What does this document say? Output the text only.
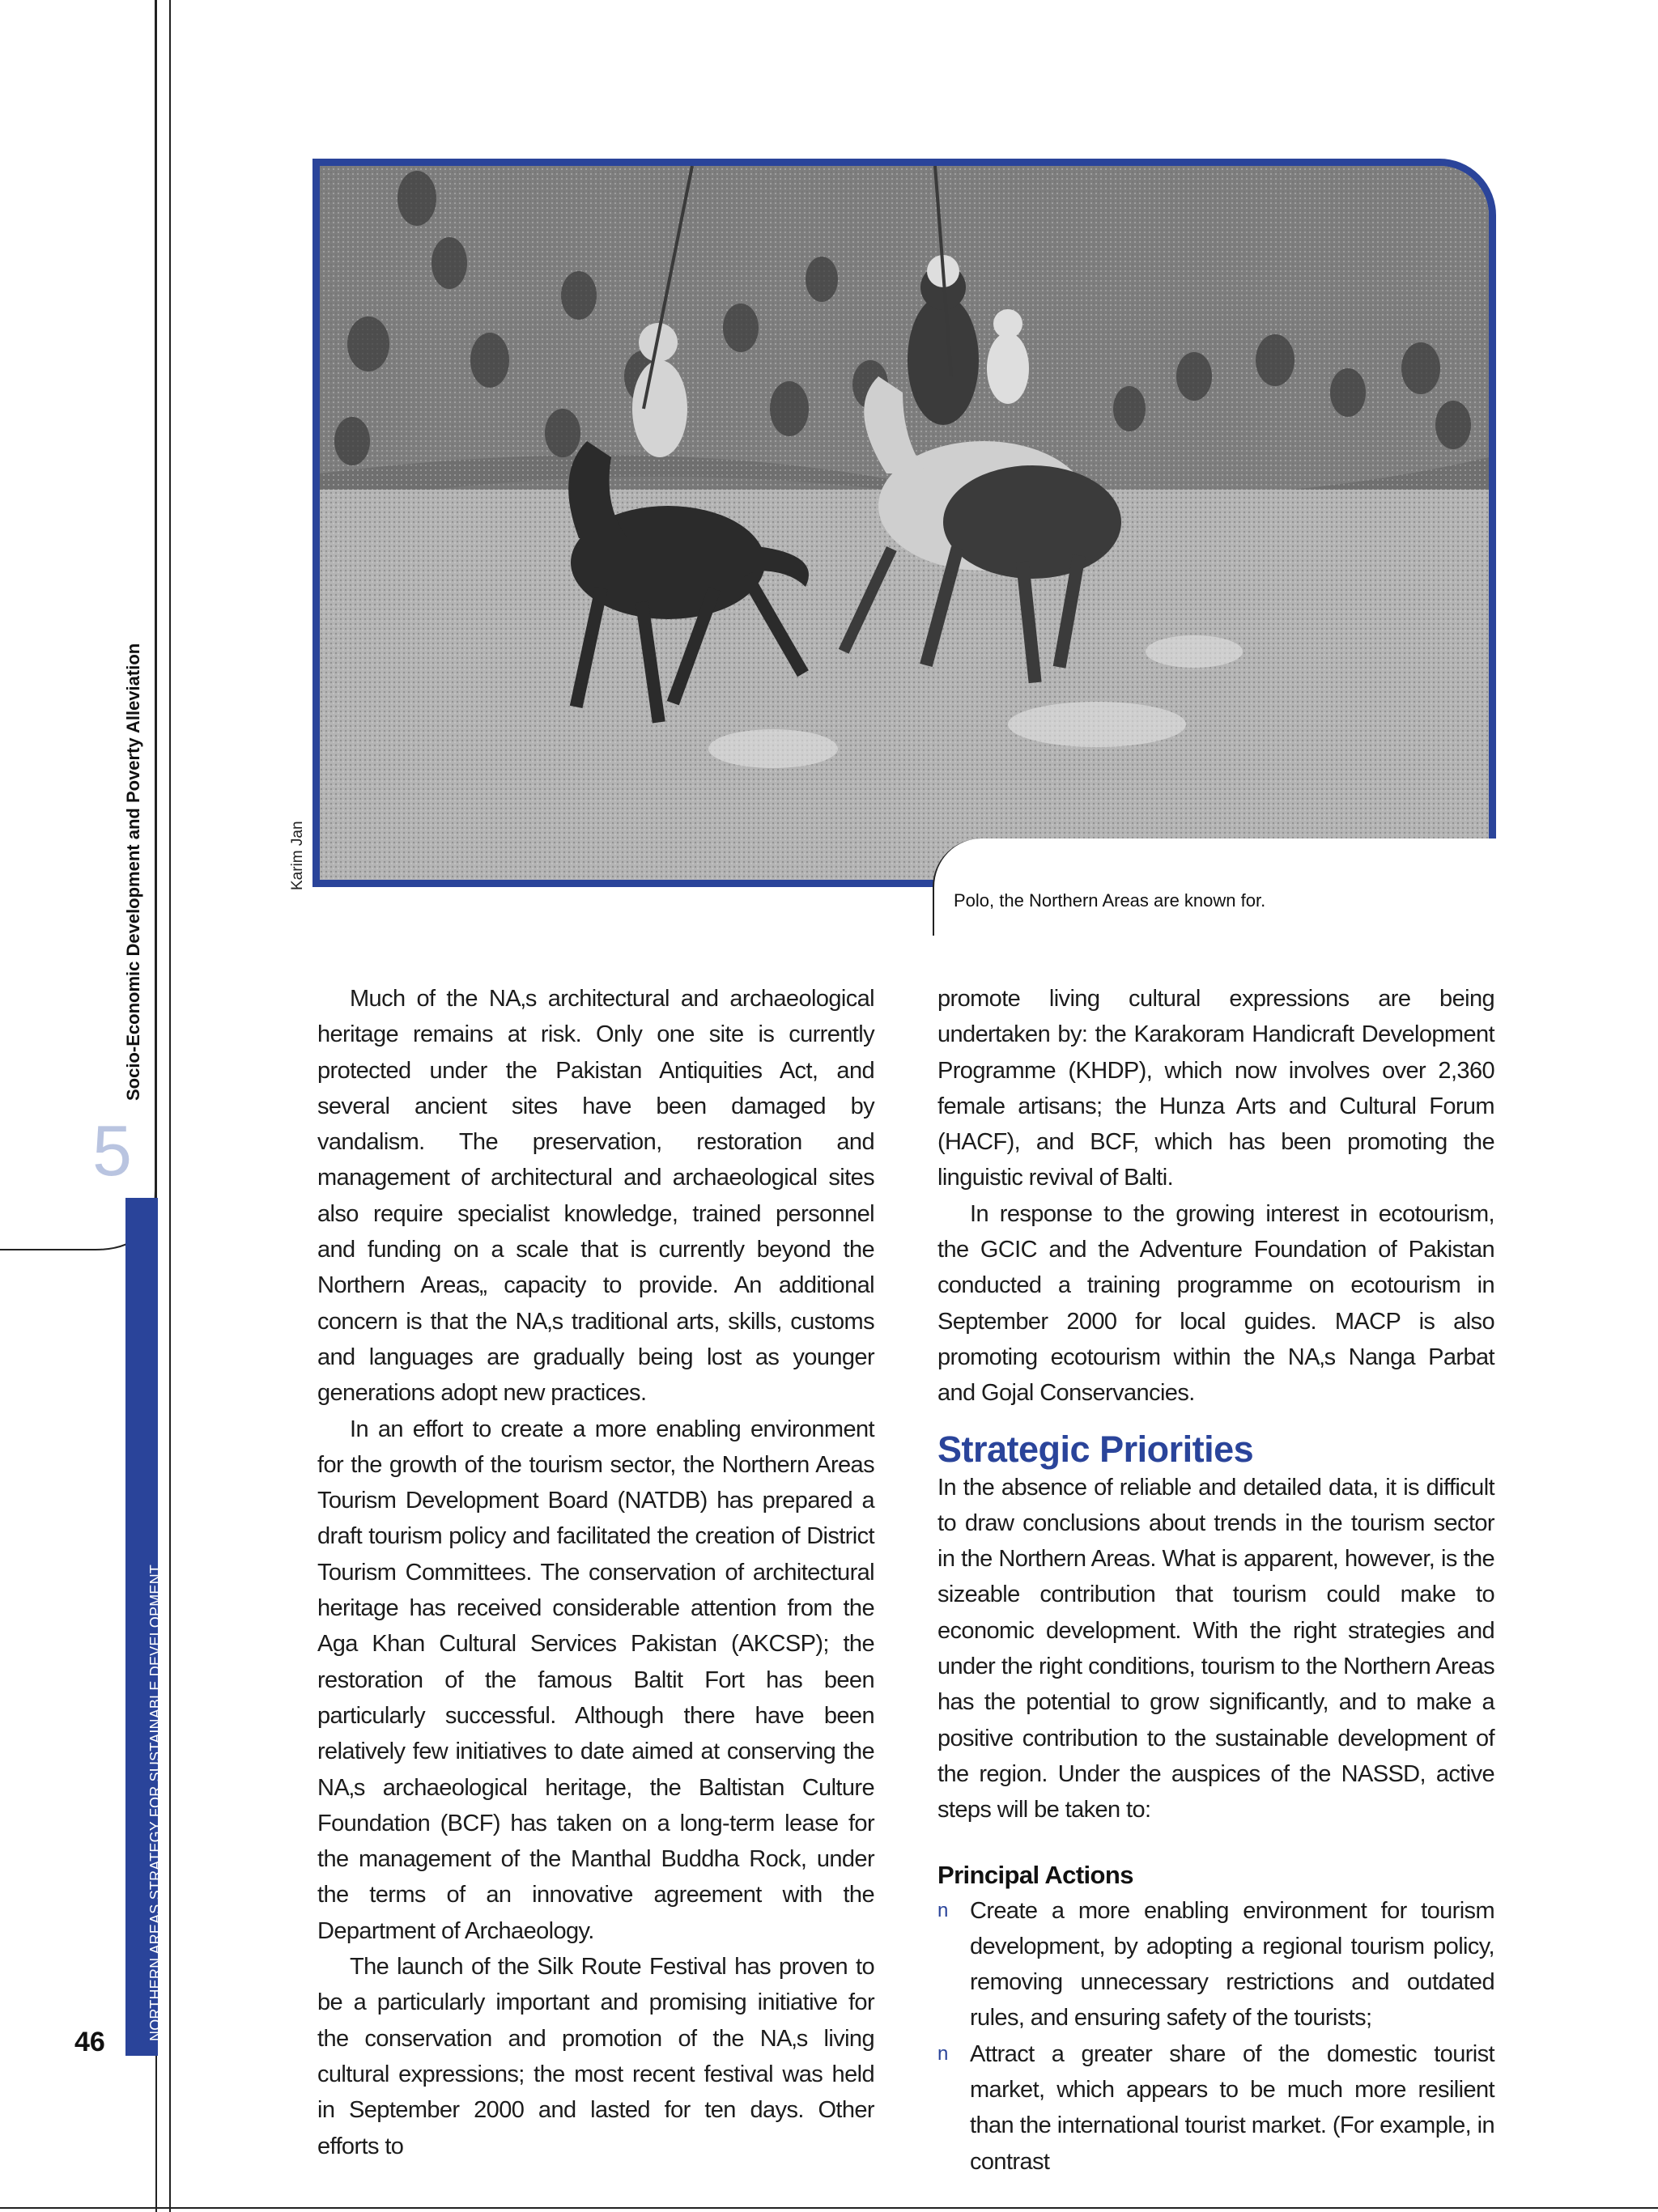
NORTHERN AREAS STRATEGY FOR SUSTAINABLE DEVELOPMENT
Socio-Economic Development and Poverty Alleviation
5
46
Karim Jan
Polo, the Northern Areas are known for.

Much of the NA‚s architectural and archaeological heritage remains at risk. Only one site is currently protected under the Pakistan Antiquities Act, and several ancient sites have been damaged by vandalism. The preservation, restoration and management of architectural and archaeological sites also require specialist knowledge, trained personnel and funding on a scale that is currently beyond the Northern Areas„ capacity to provide. An additional concern is that the NA‚s traditional arts, skills, customs and languages are gradually being lost as younger generations adopt new practices.

In an effort to create a more enabling environment for the growth of the tourism sector, the Northern Areas Tourism Development Board (NATDB) has prepared a draft tourism policy and facilitated the creation of District Tourism Committees. The conservation of architectural heritage has received considerable attention from the Aga Khan Cultural Services Pakistan (AKCSP); the restoration of the famous Baltit Fort has been particularly successful. Although there have been relatively few initiatives to date aimed at conserving the NA‚s archaeological heritage, the Baltistan Culture Foundation (BCF) has taken on a long-term lease for the management of the Manthal Buddha Rock, under the terms of an innovative agreement with the Department of Archaeology.

The launch of the Silk Route Festival has proven to be a particularly important and promising initiative for the conservation and promotion of the NA‚s living cultural expressions; the most recent festival was held in September 2000 and lasted for ten days. Other efforts to

promote living cultural expressions are being undertaken by: the Karakoram Handicraft Development Programme (KHDP), which now involves over 2,360 female artisans; the Hunza Arts and Cultural Forum (HACF), and BCF, which has been promoting the linguistic revival of Balti.

In response to the growing interest in ecotourism, the GCIC and the Adventure Foundation of Pakistan conducted a training programme on ecotourism in September 2000 for local guides. MACP is also promoting ecotourism within the NA‚s Nanga Parbat and Gojal Conservancies.

Strategic Priorities

In the absence of reliable and detailed data, it is difficult to draw conclusions about trends in the tourism sector in the Northern Areas. What is apparent, however, is the sizeable contribution that tourism could make to economic development. With the right strategies and under the right conditions, tourism to the Northern Areas has the potential to grow significantly, and to make a positive contribution to the sustainable development of the region. Under the auspices of the NASSD, active steps will be taken to:

Principal Actions
n Create a more enabling environment for tourism development, by adopting a regional tourism policy, removing unnecessary restrictions and outdated rules, and ensuring safety of the tourists;
n Attract a greater share of the domestic tourist market, which appears to be much more resilient than the international tourist market. (For example, in contrast
